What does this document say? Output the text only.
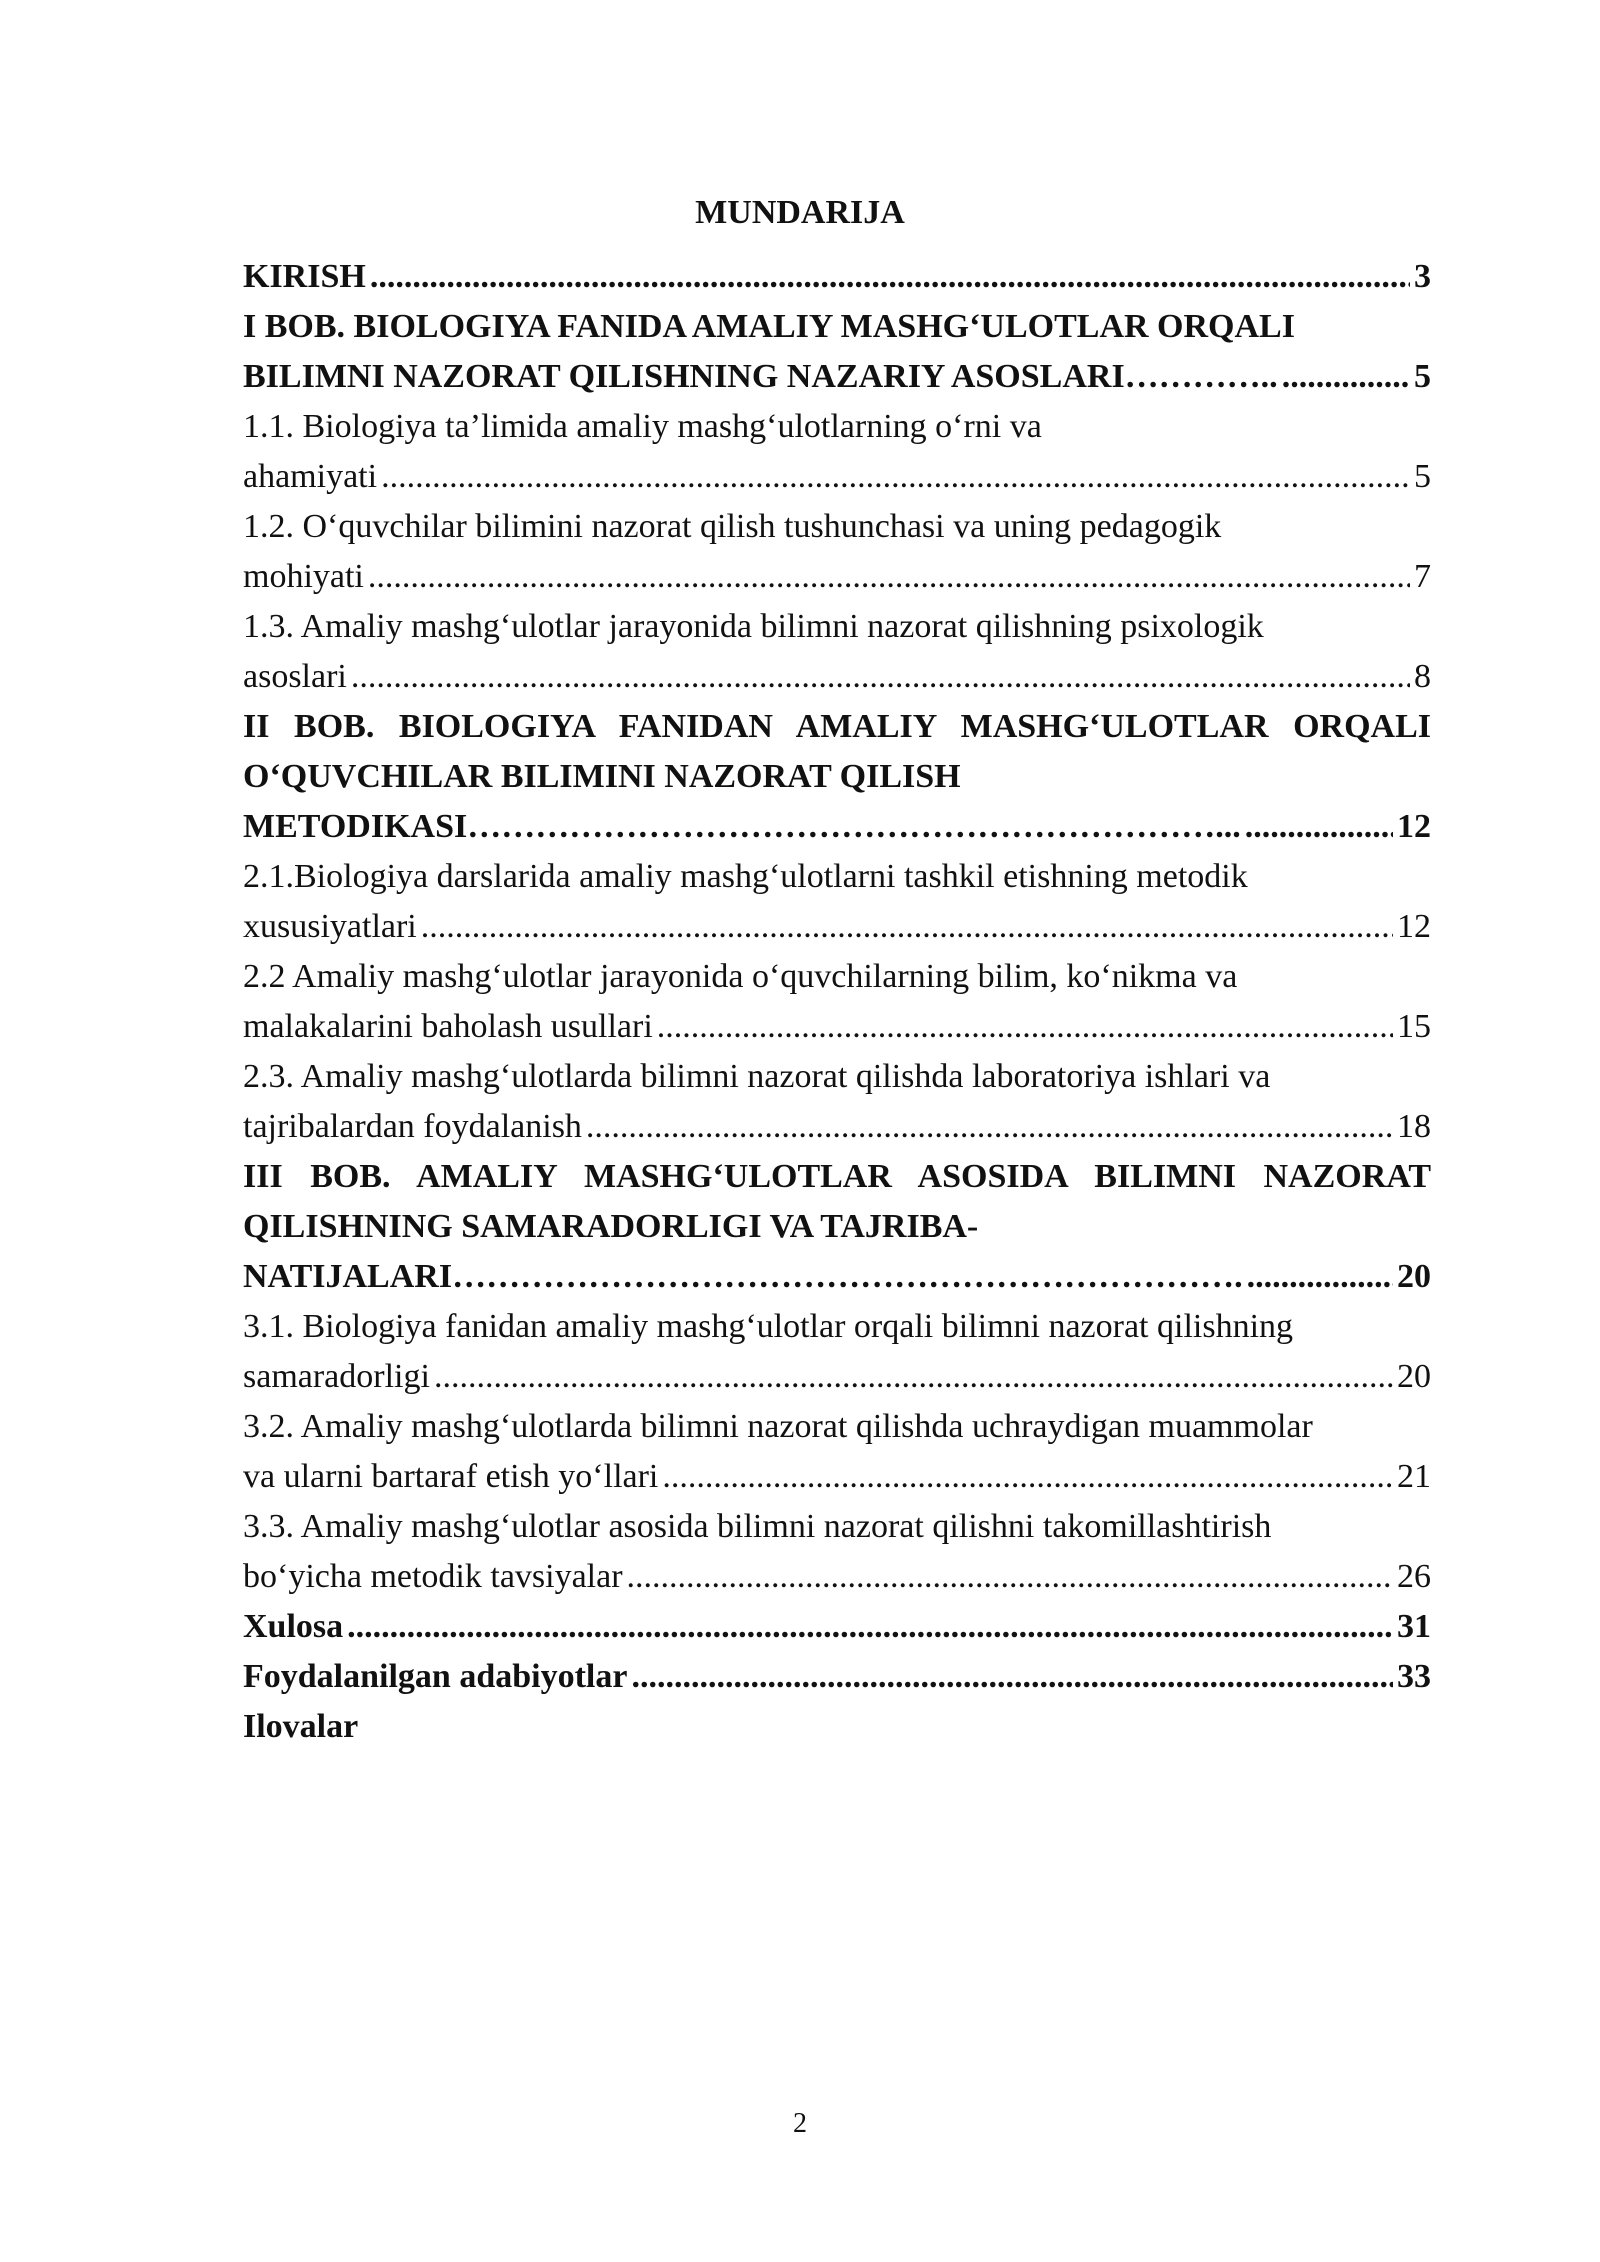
MUNDARIJA
KIRISH .....	3
I BOB. BIOLOGIYA FANIDA AMALIY MASHG‘ULOTLAR ORQALI
BILIMNI NAZORAT QILISHNING NAZARIY ASOSLARI………….. .....	5
1.1. Biologiya ta’limida amaliy mashg‘ulotlarning o‘rni va
ahamiyati .....	5
1.2. O‘quvchilar bilimini nazorat qilish tushunchasi va uning pedagogik
mohiyati .....	7
1.3. Amaliy mashg‘ulotlar jarayonida bilimni nazorat qilishning psixologik
asoslari .....	8
II BOB. BIOLOGIYA FANIDAN AMALIY MASHG‘ULOTLAR ORQALI O‘QUVCHILAR BILIMINI NAZORAT QILISH
METODIKASI…………………………………………………………... .....	12
2.1.Biologiya darslarida amaliy mashg‘ulotlarni tashkil etishning metodik
xususiyatlari .....	12
2.2 Amaliy mashg‘ulotlar jarayonida o‘quvchilarning bilim, ko‘nikma va
malakalarini baholash usullari .....	15
2.3. Amaliy mashg‘ulotlarda bilimni nazorat qilishda laboratoriya ishlari va
tajribalardan foydalanish .....	18
III BOB. AMALIY MASHG‘ULOTLAR ASOSIDA BILIMNI NAZORAT QILISHNING SAMARADORLIGI VA TAJRIBA-
NATIJALARI……………………………………………………………. .....	20
3.1. Biologiya fanidan amaliy mashg‘ulotlar orqali bilimni nazorat qilishning
samaradorligi .....	20
3.2. Amaliy mashg‘ulotlarda bilimni nazorat qilishda uchraydigan muammolar
va ularni bartaraf etish yo‘llari .....	21
3.3. Amaliy mashg‘ulotlar asosida bilimni nazorat qilishni takomillashtirish
bo‘yicha metodik tavsiyalar .....	26
Xulosa .....	31
Foydalanilgan adabiyotlar .....	33
Ilovalar
2
